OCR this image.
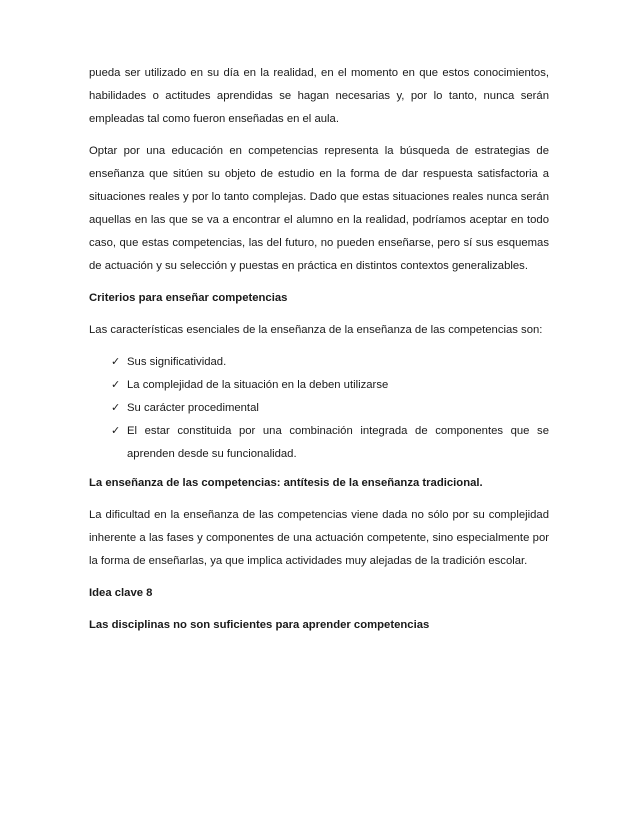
pueda ser utilizado en su día en la realidad, en el momento en que estos conocimientos, habilidades o actitudes aprendidas se hagan necesarias y, por lo tanto, nunca serán empleadas tal como fueron enseñadas en el aula.

Optar por una educación en competencias representa la búsqueda de estrategias de enseñanza que sitúen su objeto de estudio en la forma de dar respuesta satisfactoria a situaciones reales y por lo tanto complejas. Dado que estas situaciones reales nunca serán aquellas en las que se va a encontrar el alumno en la realidad, podríamos aceptar en todo caso, que estas competencias, las del futuro, no pueden enseñarse, pero sí sus esquemas de actuación y su selección y puestas en práctica en distintos contextos generalizables.

Criterios para enseñar competencias

Las características esenciales de la enseñanza de la enseñanza de las competencias son:

✓ Sus significatividad.
✓ La complejidad de la situación en la deben utilizarse
✓ Su carácter procedimental
✓ El estar constituida por una combinación integrada de componentes que se aprenden desde su funcionalidad.
La enseñanza de las competencias: antítesis de la enseñanza tradicional.

La dificultad en la enseñanza de las competencias viene dada no sólo por su complejidad inherente a las fases y componentes de una actuación competente, sino especialmente por la forma de enseñarlas, ya que implica actividades muy alejadas de la tradición escolar.

Idea clave 8
Las disciplinas no son suficientes para aprender competencias
